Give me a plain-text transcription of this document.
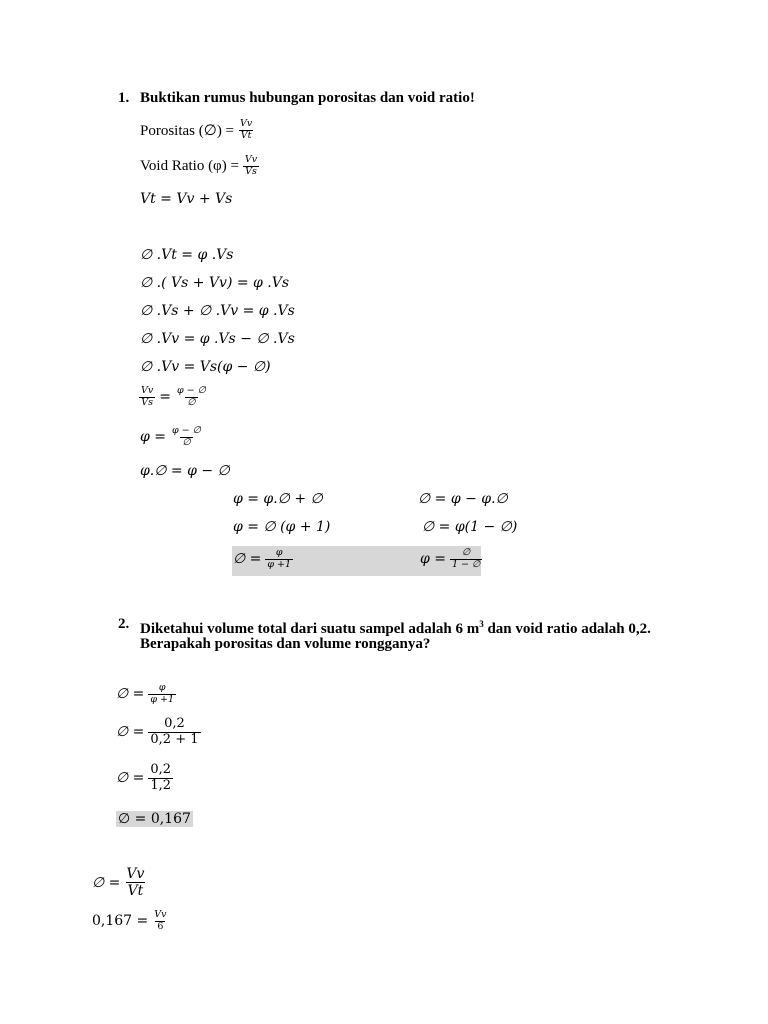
1. Buktikan rumus hubungan porositas dan void ratio!
Porositas (∅) = $\frac{Vv}{Vt}$
Void Ratio $(\varphi) = \frac{Vv}{Vs}$
Vt = Vv + Vs
∅ .Vt = φ .Vs
∅ .( Vs + Vv) = φ .Vs
∅ .Vs + ∅ .Vv = φ .Vs
∅ .Vv = φ .Vs − ∅ .Vs
∅ .Vv = Vs(φ − ∅)
$\frac{Vv}{Vs} = \frac{\varphi - \emptyset}{\emptyset}$
$\varphi = \frac{\varphi - \emptyset}{\emptyset}$
φ.∅ = φ − ∅
φ = φ.∅ + ∅
φ = ∅ (φ + 1)
∅ = φ − φ.∅
∅ = φ(1 − ∅)
∅ = $\frac{\varphi}{\varphi +1}$	$\varphi = \frac{\emptyset}{1 - \emptyset}$
2. Diketahui volume total dari suatu sampel adalah 6 $m^3$ dan void ratio adalah 0,2.
Berapakah porositas dan volume rongganya?
∅ = $\frac{\varphi}{\varphi +1}$
∅ = $\frac{0,2}{0,2 + 1}$
∅ = $\frac{0,2}{1,2}$
∅ = 0,167
∅ = $\frac{Vv}{Vt}$
$0,167 = \frac{Vv}{6}$
